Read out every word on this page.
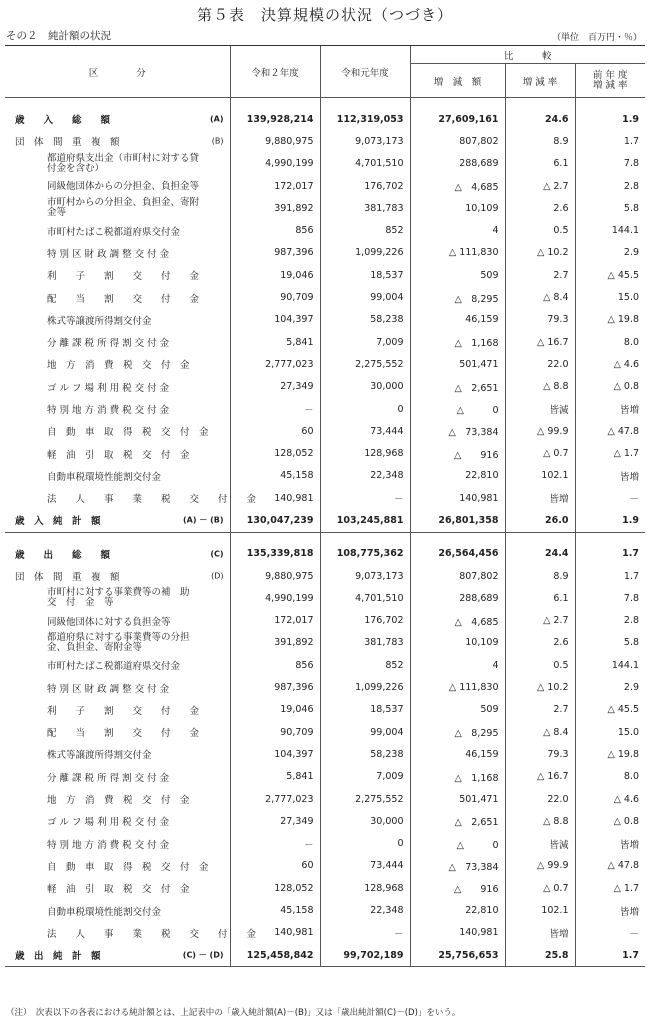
第５表　決算規模の状況（つづき）
その２　純計額の状況	（単位　百万円・％）
区　　　　分	令和２年度	令和元年度	比　　　較		
			増　減　額	増 減 率	前 年 度
増 減 率

歳　　入　　総　　額 (A)	139,928,214	112,319,053	27,609,161	24.6	1.9
団　体　間　重　複　額 (B)	9,880,975	9,073,173	807,802	8.9	1.7
都道府県支出金（市町村に対する貸付金を含む）	4,990,199	4,701,510	288,689	6.1	7.8
同級他団体からの分担金、負担金等	172,017	176,702	△　4,685	△ 2.7	2.8
市町村からの分担金、負担金、寄附金等	391,892	381,783	10,109	2.6	5.8
市町村たばこ税都道府県交付金	856	852	4	0.5	144.1
特 別 区 財 政 調 整 交 付 金	987,396	1,099,226	△ 111,830	△ 10.2	2.9
利　　子　　割　　交　　付　　金	19,046	18,537	509	2.7	△ 45.5
配　　当　　割　　交　　付　　金	90,709	99,004	△　8,295	△ 8.4	15.0
株式等譲渡所得割交付金	104,397	58,238	46,159	79.3	△ 19.8
分 離 課 税 所 得 割 交 付 金	5,841	7,009	△　1,168	△ 16.7	8.0
地　方　消　費　税　交　付　金	2,777,023	2,275,552	501,471	22.0	△ 4.6
ゴ ル フ 場 利 用 税 交 付 金	27,349	30,000	△　2,651	△ 8.8	△ 0.8
特 別 地 方 消 費 税 交 付 金	－	0	△　　　0	皆減	皆増
自　動　車　取　得　税　交　付　金	60	73,444	△　73,384	△ 99.9	△ 47.8
軽　油　引　取　税　交　付　金	128,052	128,968	△　　916	△ 0.7	△ 1.7
自動車税環境性能割交付金	45,158	22,348	22,810	102.1	皆増
法　　人　　事　　業　　税　　交　　付　　金	140,981	－	140,981	皆増	－
歳　入　純　計　額 (A) － (B)	130,047,239	103,245,881	26,801,358	26.0	1.9

歳　　出　　総　　額 (C)	135,339,818	108,775,362	26,564,456	24.4	1.7
団　体　間　重　複　額 (D)	9,880,975	9,073,173	807,802	8.9	1.7
市町村に対する事業費等の補　助　交　付　金　等	4,990,199	4,701,510	288,689	6.1	7.8
同級他団体に対する負担金等	172,017	176,702	△　4,685	△ 2.7	2.8
都道府県に対する事業費等の分担金、負担金、寄附金等	391,892	381,783	10,109	2.6	5.8
市町村たばこ税都道府県交付金	856	852	4	0.5	144.1
特 別 区 財 政 調 整 交 付 金	987,396	1,099,226	△ 111,830	△ 10.2	2.9
利　　子　　割　　交　　付　　金	19,046	18,537	509	2.7	△ 45.5
配　　当　　割　　交　　付　　金	90,709	99,004	△　8,295	△ 8.4	15.0
株式等譲渡所得割交付金	104,397	58,238	46,159	79.3	△ 19.8
分 離 課 税 所 得 割 交 付 金	5,841	7,009	△　1,168	△ 16.7	8.0
地　方　消　費　税　交　付　金	2,777,023	2,275,552	501,471	22.0	△ 4.6
ゴ ル フ 場 利 用 税 交 付 金	27,349	30,000	△　2,651	△ 8.8	△ 0.8
特 別 地 方 消 費 税 交 付 金	－	0	△　　　0	皆減	皆増
自　動　車　取　得　税　交　付　金	60	73,444	△　73,384	△ 99.9	△ 47.8
軽　油　引　取　税　交　付　金	128,052	128,968	△　　916	△ 0.7	△ 1.7
自動車税環境性能割交付金	45,158	22,348	22,810	102.1	皆増
法　　人　　事　　業　　税　　交　　付　　金	140,981	－	140,981	皆増	－
歳　出　純　計　額 (C) － (D)	125,458,842	99,702,189	25,756,653	25.8	1.7
（注）　次表以下の各表における純計額とは、上記表中の「歳入純計額(A)－(B)」又は「歳出純計額(C)－(D)」をいう。
